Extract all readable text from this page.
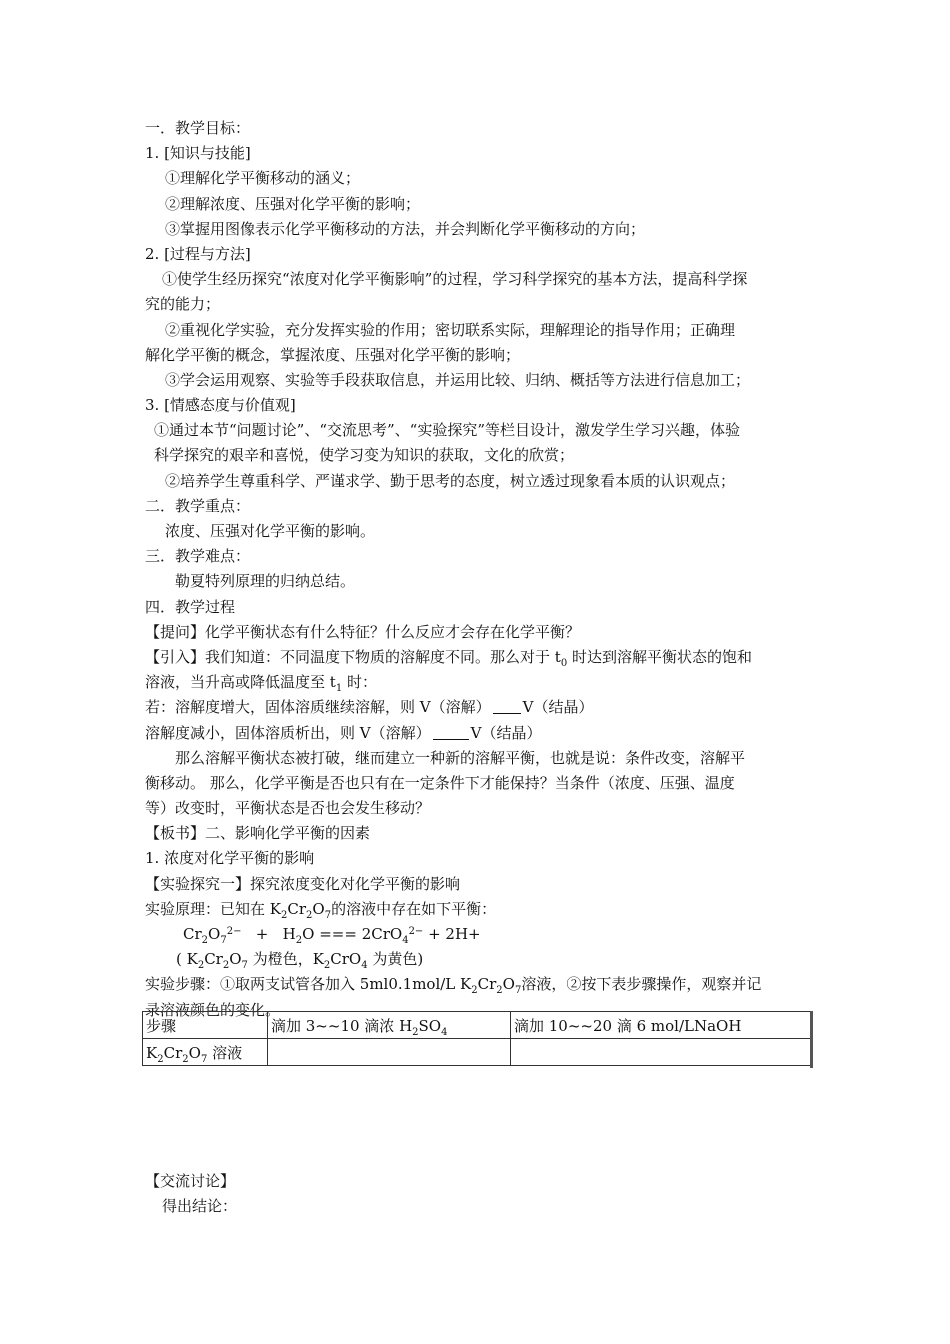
一．教学目标：
1. [知识与技能]
①理解化学平衡移动的涵义；
②理解浓度、压强对化学平衡的影响；
③掌握用图像表示化学平衡移动的方法，并会判断化学平衡移动的方向；
2. [过程与方法]
①使学生经历探究“浓度对化学平衡影响”的过程，学习科学探究的基本方法，提高科学探
究的能力；
②重视化学实验，充分发挥实验的作用；密切联系实际，理解理论的指导作用；正确理
解化学平衡的概念，掌握浓度、压强对化学平衡的影响；
③学会运用观察、实验等手段获取信息，并运用比较、归纳、概括等方法进行信息加工；
3. [情感态度与价值观]
①通过本节“问题讨论”、“交流思考”、“实验探究”等栏目设计，激发学生学习兴趣，体验
科学探究的艰辛和喜悦，使学习变为知识的获取，文化的欣赏；
②培养学生尊重科学、严谨求学、勤于思考的态度，树立透过现象看本质的认识观点；
二．教学重点：
浓度、压强对化学平衡的影响。
三．教学难点：
勒夏特列原理的归纳总结。
四．教学过程
【提问】化学平衡状态有什么特征？什么反应才会存在化学平衡？
【引入】我们知道：不同温度下物质的溶解度不同。那么对于 $t_0$ 时达到溶解平衡状态的饱和
溶液，当升高或降低温度至 $t_1$ 时：
若：溶解度增大，固体溶质继续溶解，则 V（溶解） V（结晶）
溶解度减小，固体溶质析出，则 V（溶解）	V（结晶）
那么溶解平衡状态被打破，继而建立一种新的溶解平衡，也就是说：条件改变，溶解平
衡移动。 那么，化学平衡是否也只有在一定条件下才能保持？当条件（浓度、压强、温度
等）改变时，平衡状态是否也会发生移动？
【板书】二、影响化学平衡的因素
1. 浓度对化学平衡的影响
【实验探究一】探究浓度变化对化学平衡的影响
实验原理：已知在 $K_2Cr_2O_7$的溶液中存在如下平衡：
$Cr_2O_7^{2-} + H_2O$ === 2CrO$_4^{2-}$ + 2H+
( $K_2Cr_2O_7$ 为橙色，$K_2CrO_4$ 为黄色)
实验步骤：①取两支试管各加入 5ml0.1mol/L $K_2Cr_2O_7$溶液，②按下表步骤操作，观察并记
录溶液颜色的变化。
步骤	滴加 3~~10 滴浓 $H_2SO_4$	滴加 10~~20 滴 6 mol/LNaOH
$K_2Cr_2O_7$ 溶液		
【交流讨论】
得出结论：
